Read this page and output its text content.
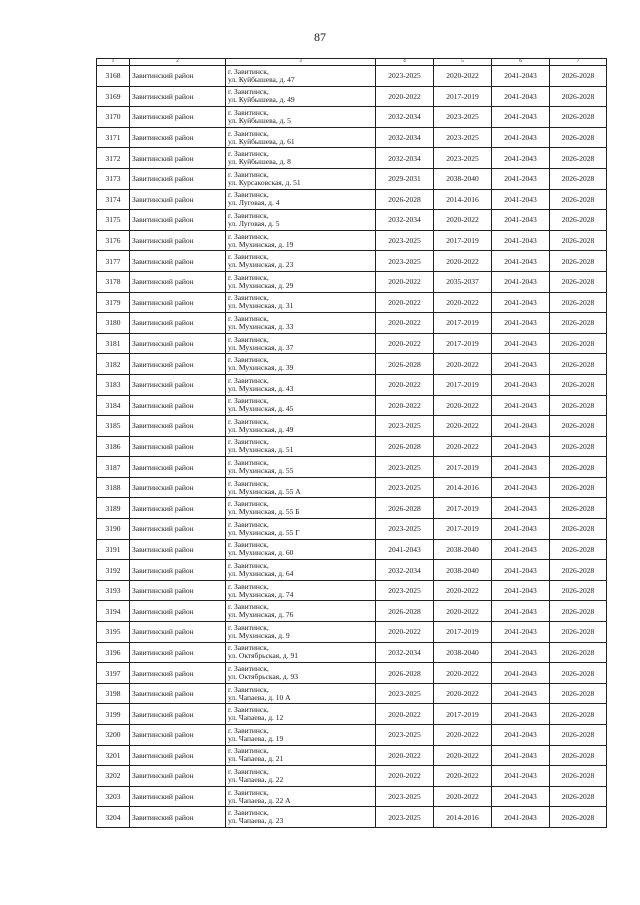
87
1	2	3	4	5	6	7
3168	Завитинский район	г. Завитинск,
ул. Куйбышева, д. 47	2023-2025	2020-2022	2041-2043	2026-2028
3169	Завитинский район	г. Завитинск,
ул. Куйбышева, д. 49	2020-2022	2017-2019	2041-2043	2026-2028
3170	Завитинский район	г. Завитинск,
ул. Куйбышева, д. 5	2032-2034	2023-2025	2041-2043	2026-2028
3171	Завитинский район	г. Завитинск,
ул. Куйбышева, д. 61	2032-2034	2023-2025	2041-2043	2026-2028
3172	Завитинский район	г. Завитинск,
ул. Куйбышева, д. 8	2032-2034	2023-2025	2041-2043	2026-2028
3173	Завитинский район	г. Завитинск,
ул. Курсаковская, д. 51	2029-2031	2038-2040	2041-2043	2026-2028
3174	Завитинский район	г. Завитинск,
ул. Луговая, д. 4	2026-2028	2014-2016	2041-2043	2026-2028
3175	Завитинский район	г. Завитинск,
ул. Луговая, д. 5	2032-2034	2020-2022	2041-2043	2026-2028
3176	Завитинский район	г. Завитинск,
ул. Мухинская, д. 19	2023-2025	2017-2019	2041-2043	2026-2028
3177	Завитинский район	г. Завитинск,
ул. Мухинская, д. 23	2023-2025	2020-2022	2041-2043	2026-2028
3178	Завитинский район	г. Завитинск,
ул. Мухинская, д. 29	2020-2022	2035-2037	2041-2043	2026-2028
3179	Завитинский район	г. Завитинск,
ул. Мухинская, д. 31	2020-2022	2020-2022	2041-2043	2026-2028
3180	Завитинский район	г. Завитинск,
ул. Мухинская, д. 33	2020-2022	2017-2019	2041-2043	2026-2028
3181	Завитинский район	г. Завитинск,
ул. Мухинская, д. 37	2020-2022	2017-2019	2041-2043	2026-2028
3182	Завитинский район	г. Завитинск,
ул. Мухинская, д. 39	2026-2028	2020-2022	2041-2043	2026-2028
3183	Завитинский район	г. Завитинск,
ул. Мухинская, д. 43	2020-2022	2017-2019	2041-2043	2026-2028
3184	Завитинский район	г. Завитинск,
ул. Мухинская, д. 45	2020-2022	2020-2022	2041-2043	2026-2028
3185	Завитинский район	г. Завитинск,
ул. Мухинская, д. 49	2023-2025	2020-2022	2041-2043	2026-2028
3186	Завитинский район	г. Завитинск,
ул. Мухинская, д. 51	2026-2028	2020-2022	2041-2043	2026-2028
3187	Завитинский район	г. Завитинск,
ул. Мухинская, д. 55	2023-2025	2017-2019	2041-2043	2026-2028
3188	Завитинский район	г. Завитинск,
ул. Мухинская, д. 55 А	2023-2025	2014-2016	2041-2043	2026-2028
3189	Завитинский район	г. Завитинск,
ул. Мухинская, д. 55 Б	2026-2028	2017-2019	2041-2043	2026-2028
3190	Завитинский район	г. Завитинск,
ул. Мухинская, д. 55 Г	2023-2025	2017-2019	2041-2043	2026-2028
3191	Завитинский район	г. Завитинск,
ул. Мухинская, д. 60	2041-2043	2038-2040	2041-2043	2026-2028
3192	Завитинский район	г. Завитинск,
ул. Мухинская, д. 64	2032-2034	2038-2040	2041-2043	2026-2028
3193	Завитинский район	г. Завитинск,
ул. Мухинская, д. 74	2023-2025	2020-2022	2041-2043	2026-2028
3194	Завитинский район	г. Завитинск,
ул. Мухинская, д. 76	2026-2028	2020-2022	2041-2043	2026-2028
3195	Завитинский район	г. Завитинск,
ул. Мухинская, д. 9	2020-2022	2017-2019	2041-2043	2026-2028
3196	Завитинский район	г. Завитинск,
ул. Октябрьская, д. 91	2032-2034	2038-2040	2041-2043	2026-2028
3197	Завитинский район	г. Завитинск,
ул. Октябрьская, д. 93	2026-2028	2020-2022	2041-2043	2026-2028
3198	Завитинский район	г. Завитинск,
ул. Чапаева, д. 10 А	2023-2025	2020-2022	2041-2043	2026-2028
3199	Завитинский район	г. Завитинск,
ул. Чапаева, д. 12	2020-2022	2017-2019	2041-2043	2026-2028
3200	Завитинский район	г. Завитинск,
ул. Чапаева, д. 19	2023-2025	2020-2022	2041-2043	2026-2028
3201	Завитинский район	г. Завитинск,
ул. Чапаева, д. 21	2020-2022	2020-2022	2041-2043	2026-2028
3202	Завитинский район	г. Завитинск,
ул. Чапаева, д. 22	2020-2022	2020-2022	2041-2043	2026-2028
3203	Завитинский район	г. Завитинск,
ул. Чапаева, д. 22 А	2023-2025	2020-2022	2041-2043	2026-2028
3204	Завитинский район	г. Завитинск,
ул. Чапаева, д. 23	2023-2025	2014-2016	2041-2043	2026-2028
